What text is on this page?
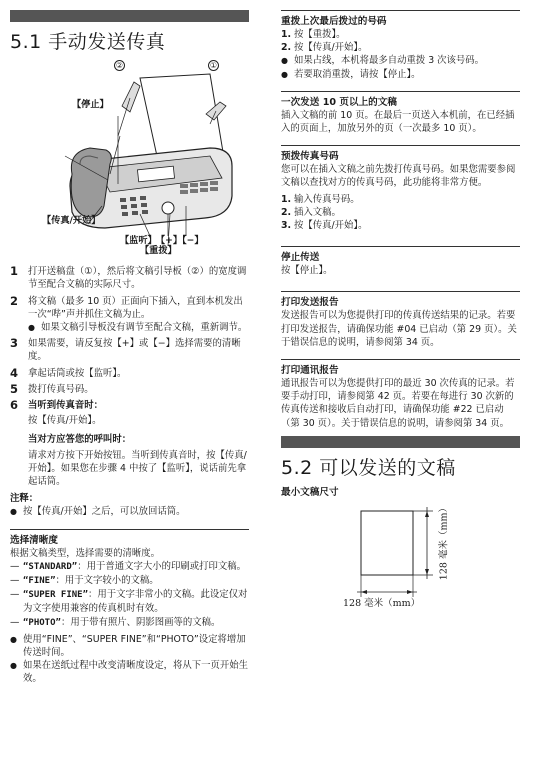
5.1 手动发送传真
②	①
【停止】
【传真/开始】
【监听】 【+】【−】
【重拨】
1	打开送稿盘（①），然后将文稿引导板（②）的宽度调节至配合文稿的实际尺寸。
2	将文稿（最多 10 页）正面向下插入，直到本机发出一次“哔”声并抓住文稿为止。
● 如果文稿引导板没有调节至配合文稿，重新调节。
3	如果需要，请反复按【+】或【−】选择需要的清晰度。
4	拿起话筒或按【监听】。
5	拨打传真号码。
6	当听到传真音时：
按【传真/开始】。
当对方应答您的呼叫时：
请求对方按下开始按钮。当听到传真音时，按【传真/开始】。如果您在步骤 4 中按了【监听】，说话前先拿起话筒。
注释：
● 按【传真/开始】之后，可以放回话筒。
选择清晰度
根据文稿类型，选择需要的清晰度。
— “STANDARD”：用于普通文字大小的印刷或打印文稿。
— “FINE”：用于文字较小的文稿。
— “SUPER FINE”：用于文字非常小的文稿。此设定仅对为文字使用兼容的传真机时有效。
— “PHOTO”：用于带有照片、阴影图画等的文稿。
● 使用“FINE”、“SUPER FINE”和“PHOTO”设定将增加传送时间。
● 如果在送纸过程中改变清晰度设定，将从下一页开始生效。
重拨上次最后拨过的号码
1. 按【重拨】。
2. 按【传真/开始】。
● 如果占线，本机将最多自动重拨 3 次该号码。
● 若要取消重拨，请按【停止】。
一次发送 10 页以上的文稿
插入文稿的前 10 页。在最后一页送入本机前，在已经插入的页面上，加放另外的页（一次最多 10 页）。
预拨传真号码
您可以在插入文稿之前先拨打传真号码。如果您需要参阅文稿以查找对方的传真号码，此功能将非常方便。
1. 输入传真号码。
2. 插入文稿。
3. 按【传真/开始】。
停止传送
按【停止】。
打印发送报告
发送报告可以为您提供打印的传真传送结果的记录。若要打印发送报告，请确保功能 #04 已启动（第 29 页）。关于错误信息的说明，请参阅第 34 页。
打印通讯报告
通讯报告可以为您提供打印的最近 30 次传真的记录。若要手动打印，请参阅第 42 页。若要在每进行 30 次新的传真传送和接收后自动打印，请确保功能 #22 已启动（第 30 页）。关于错误信息的说明，请参阅第 34 页。
5.2 可以发送的文稿
最小文稿尺寸
128 毫米（mm）
128 毫米（mm）
